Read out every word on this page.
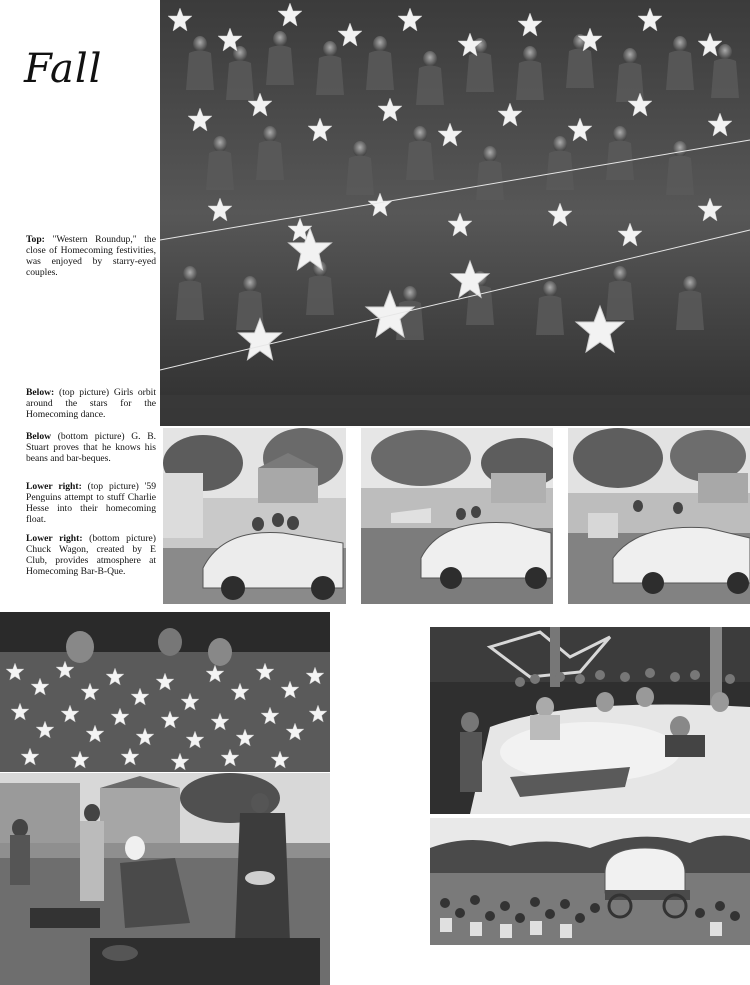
Fall
Top: "Western Roundup," the close of Homecoming festivities, was enjoyed by starry-eyed couples.
Below: (top picture) Girls orbit around the stars for the Homecoming dance.
Below (bottom picture) G. B. Stuart proves that he knows his beans and bar-beques.
Lower right: (top picture) '59 Penguins attempt to stuff Charlie Hesse into their homecoming float.
Lower right: (bottom picture) Chuck Wagon, created by E Club, provides atmosphere at Homecoming Bar-B-Que.
